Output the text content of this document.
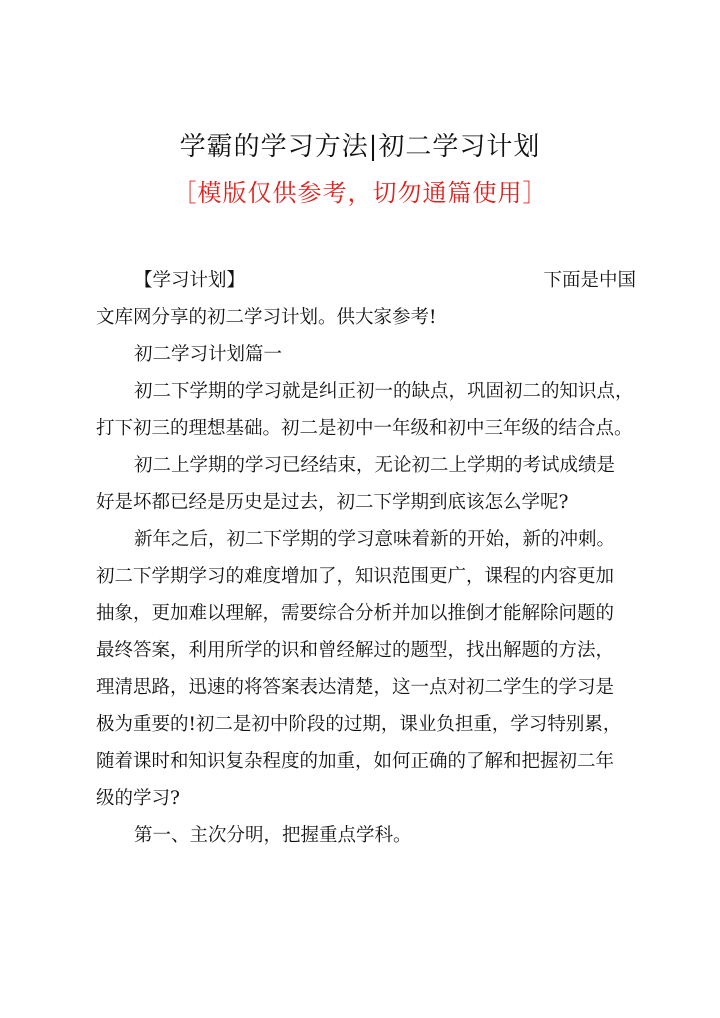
学霸的学习方法|初二学习计划
［模版仅供参考，切勿通篇使用］
【学习计划】	下面是中国
文库网分享的初二学习计划。供大家参考!
初二学习计划篇一
初二下学期的学习就是纠正初一的缺点，巩固初二的知识点，
打下初三的理想基础。初二是初中一年级和初中三年级的结合点。
初二上学期的学习已经结束，无论初二上学期的考试成绩是
好是坏都已经是历史是过去，初二下学期到底该怎么学呢?
新年之后，初二下学期的学习意味着新的开始，新的冲刺。
初二下学期学习的难度增加了，知识范围更广，课程的内容更加
抽象，更加难以理解，需要综合分析并加以推倒才能解除问题的
最终答案，利用所学的识和曾经解过的题型，找出解题的方法，
理清思路，迅速的将答案表达清楚，这一点对初二学生的学习是
极为重要的!初二是初中阶段的过期，课业负担重，学习特别累，
随着课时和知识复杂程度的加重，如何正确的了解和把握初二年
级的学习?
第一、主次分明，把握重点学科。
